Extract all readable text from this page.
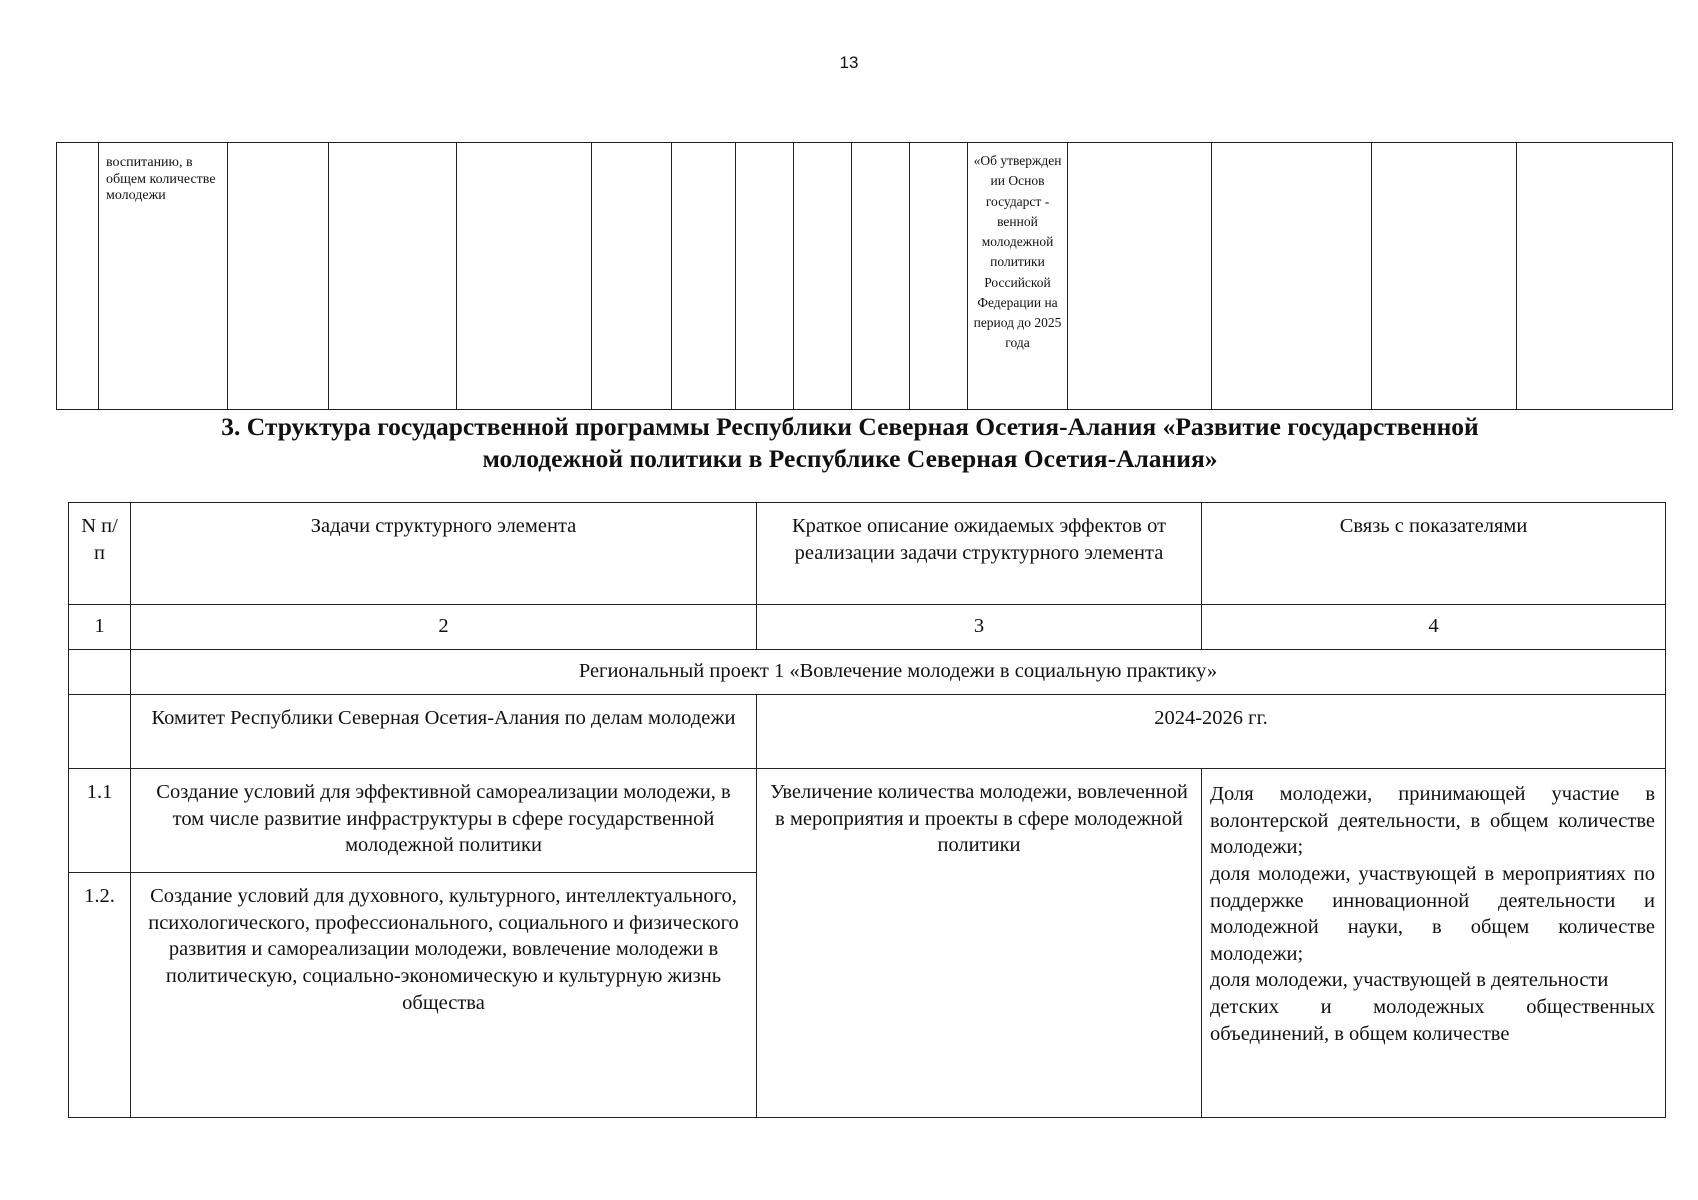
13
	воспитанию, в общем количестве молодежи										«Об утвержден ии Основ государст - венной молодежной политики Российской Федерации на период до 2025 года				
3. Структура государственной программы Республики Северная Осетия-Алания «Развитие государственной
молодежной политики в Республике Северная Осетия-Алания»
N п/п	Задачи структурного элемента	Краткое описание ожидаемых эффектов от реализации задачи структурного элемента	Связь с показателями
1	2	3	4
	Региональный проект 1 «Вовлечение молодежи в социальную практику»		
	Комитет Республики Северная Осетия-Алания по делам молодежи	2024-2026 гг.	
1.1	Создание условий для эффективной самореализации молодежи, в том числе развитие инфраструктуры в сфере государственной молодежной политики	Увеличение количества молодежи, вовлеченной в мероприятия и проекты в сфере молодежной политики	Доля молодежи, принимающей участие в волонтерской деятельности, в общем количестве молодежи;
доля молодежи, участвующей в мероприятиях по поддержке инновационной деятельности и молодежной науки, в общем количестве молодежи;
доля молодежи, участвующей в деятельности
детских и молодежных общественных объединений, в общем количестве

1.2.	Создание условий для духовного, культурного, интеллектуального, психологического, профессионального, социального и физического развития и самореализации молодежи, вовлечение молодежи в политическую, социально-экономическую и культурную жизнь общества		
